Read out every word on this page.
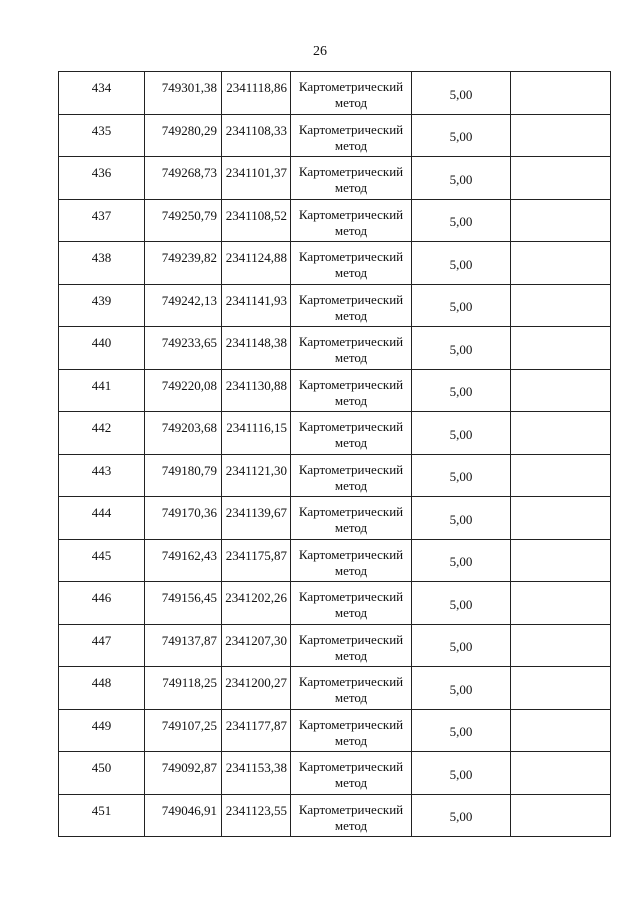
26
434	749301,38	2341118,86	Картометрический
метод	5,00	
435	749280,29	2341108,33	Картометрический
метод	5,00	
436	749268,73	2341101,37	Картометрический
метод	5,00	
437	749250,79	2341108,52	Картометрический
метод	5,00	
438	749239,82	2341124,88	Картометрический
метод	5,00	
439	749242,13	2341141,93	Картометрический
метод	5,00	
440	749233,65	2341148,38	Картометрический
метод	5,00	
441	749220,08	2341130,88	Картометрический
метод	5,00	
442	749203,68	2341116,15	Картометрический
метод	5,00	
443	749180,79	2341121,30	Картометрический
метод	5,00	
444	749170,36	2341139,67	Картометрический
метод	5,00	
445	749162,43	2341175,87	Картометрический
метод	5,00	
446	749156,45	2341202,26	Картометрический
метод	5,00	
447	749137,87	2341207,30	Картометрический
метод	5,00	
448	749118,25	2341200,27	Картометрический
метод	5,00	
449	749107,25	2341177,87	Картометрический
метод	5,00	
450	749092,87	2341153,38	Картометрический
метод	5,00	
451	749046,91	2341123,55	Картометрический
метод	5,00	
